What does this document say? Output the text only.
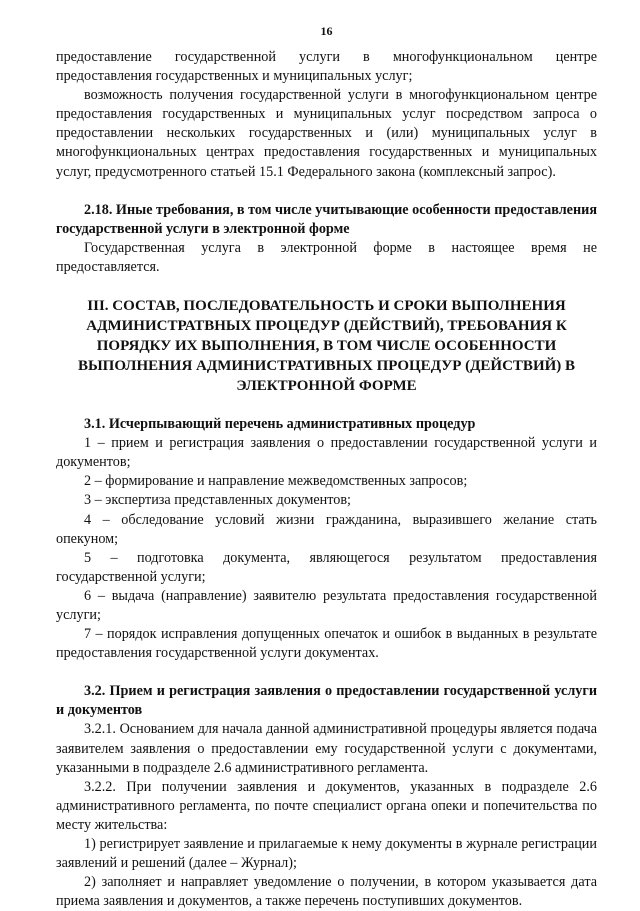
16

предоставление государственной услуги в многофункциональном центре предоставления государственных и муниципальных услуг;

возможность получения государственной услуги в многофункциональном центре предоставления государственных и муниципальных услуг посредством запроса о предоставлении нескольких государственных и (или) муниципальных услуг в многофункциональных центрах предоставления государственных и муниципальных услуг, предусмотренного статьей 15.1 Федерального закона (комплексный запрос).

2.18. Иные требования, в том числе учитывающие особенности предоставления государственной услуги в электронной форме

Государственная услуга в электронной форме в настоящее время не предоставляется.

III. СОСТАВ, ПОСЛЕДОВАТЕЛЬНОСТЬ И СРОКИ ВЫПОЛНЕНИЯ АДМИНИСТРАТВНЫХ ПРОЦЕДУР (ДЕЙСТВИЙ), ТРЕБОВАНИЯ К ПОРЯДКУ ИХ ВЫПОЛНЕНИЯ, В ТОМ ЧИСЛЕ ОСОБЕННОСТИ ВЫПОЛНЕНИЯ АДМИНИСТРАТИВНЫХ ПРОЦЕДУР (ДЕЙСТВИЙ) В ЭЛЕКТРОННОЙ ФОРМЕ

3.1. Исчерпывающий перечень административных процедур

1 – прием и регистрация заявления о предоставлении государственной услуги и документов;

2 – формирование и направление межведомственных запросов;

3 – экспертиза представленных документов;

4 – обследование условий жизни гражданина, выразившего желание стать опекуном;

5 – подготовка документа, являющегося результатом предоставления государственной услуги;

6 – выдача (направление) заявителю результата предоставления государственной услуги;

7 – порядок исправления допущенных опечаток и ошибок в выданных в результате предоставления государственной услуги документах.

3.2. Прием и регистрация заявления о предоставлении государственной услуги и документов

3.2.1. Основанием для начала данной административной процедуры является подача заявителем заявления о предоставлении ему государственной услуги с документами, указанными в подразделе 2.6 административного регламента.

3.2.2. При получении заявления и документов, указанных в подразделе 2.6 административного регламента, по почте специалист органа опеки и попечительства по месту жительства:

1) регистрирует заявление и прилагаемые к нему документы в журнале регистрации заявлений и решений (далее – Журнал);

2) заполняет и направляет уведомление о получении, в котором указывается дата приема заявления и документов, а также перечень поступивших документов.
